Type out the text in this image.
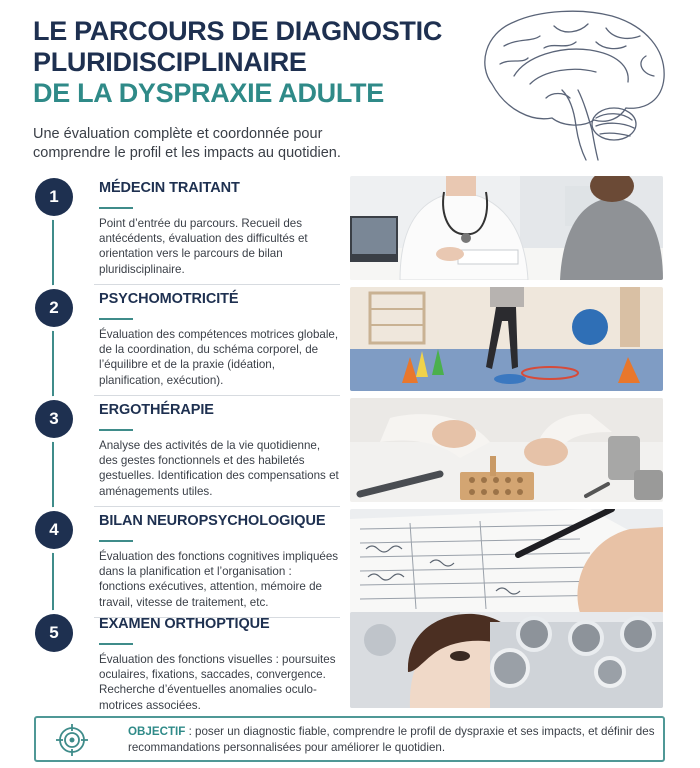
LE PARCOURS DE DIAGNOSTIC
PLURIDISCIPLINAIRE
DE LA DYSPRAXIE ADULTE
Une évaluation complète et coordonnée pour comprendre le profil et les impacts au quotidien.
1	MÉDECIN TRAITANT
Point d’entrée du parcours. Recueil des antécédents, évaluation des difficultés et orientation vers le parcours de bilan pluridisciplinaire.
2	PSYCHOMOTRICITÉ
Évaluation des compétences motrices globale, de la coordination, du schéma corporel, de l’équilibre et de la praxie (idéation, planification, exécution).
3	ERGOTHÉRAPIE
Analyse des activités de la vie quotidienne, des gestes fonctionnels et des habiletés gestuelles. Identification des compensations et aménagements utiles.
4	BILAN NEUROPSYCHOLOGIQUE
Évaluation des fonctions cognitives impliquées dans la planification et l’organisation : fonctions exécutives, attention, mémoire de travail, vitesse de traitement, etc.
5	EXAMEN ORTHOPTIQUE
Évaluation des fonctions visuelles : poursuites oculaires, fixations, saccades, convergence. Recherche d’éventuelles anomalies oculo-motrices associées.
OBJECTIF : poser un diagnostic fiable, comprendre le profil de dyspraxie et ses impacts, et définir des recommandations personnalisées pour améliorer le quotidien.
